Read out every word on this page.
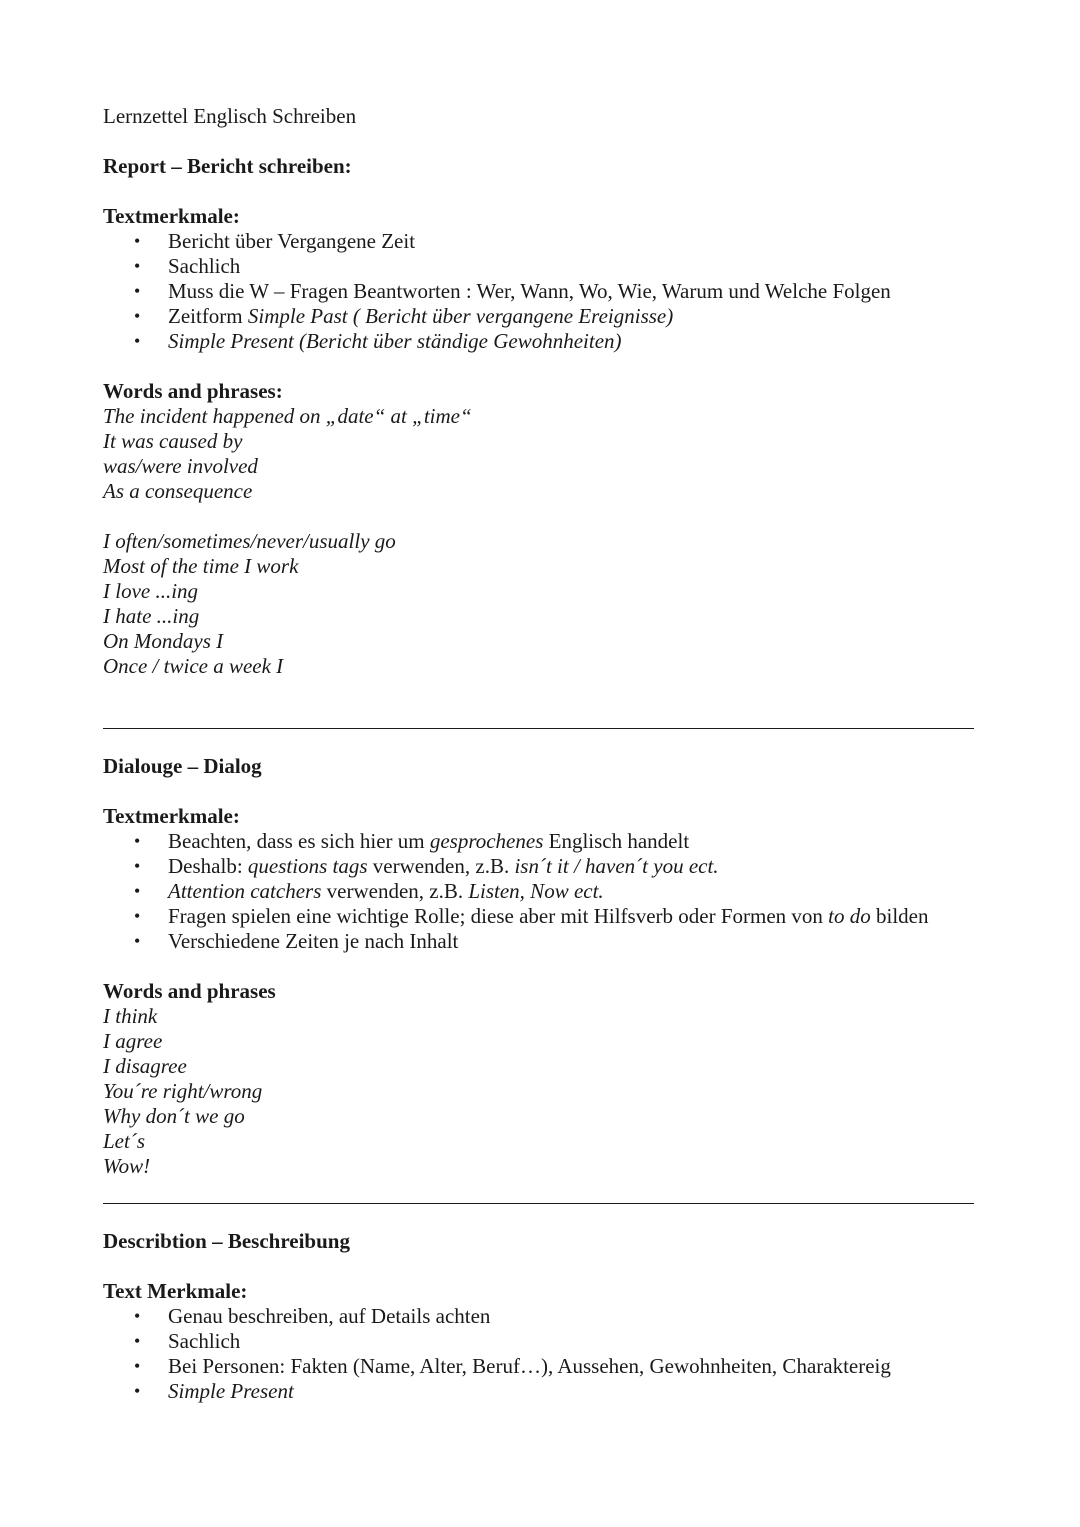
Lernzettel Englisch Schreiben
Report – Bericht schreiben:
Textmerkmale:
• Bericht über Vergangene Zeit
• Sachlich
• Muss die W – Fragen Beantworten : Wer, Wann, Wo, Wie, Warum und Welche Folgen
• Zeitform Simple Past ( Bericht über vergangene Ereignisse)
• Simple Present (Bericht über ständige Gewohnheiten)
Words and phrases:
The incident happened on „date“ at „time“
It was caused by
was/were involved
As a consequence
I often/sometimes/never/usually go
Most of the time I work
I love ...ing
I hate ...ing
On Mondays I
Once / twice a week I
Dialouge – Dialog
Textmerkmale:
• Beachten, dass es sich hier um gesprochenes Englisch handelt
• Deshalb: questions tags verwenden, z.B. isn´t it / haven´t you ect.
• Attention catchers verwenden, z.B. Listen, Now ect.
• Fragen spielen eine wichtige Rolle; diese aber mit Hilfsverb oder Formen von to do bilden
• Verschiedene Zeiten je nach Inhalt
Words and phrases
I think
I agree
I disagree
You´re right/wrong
Why don´t we go
Let´s
Wow!
Describtion – Beschreibung
Text Merkmale:
• Genau beschreiben, auf Details achten
• Sachlich
• Bei Personen: Fakten (Name, Alter, Beruf…), Aussehen, Gewohnheiten, Charaktereig
• Simple Present
